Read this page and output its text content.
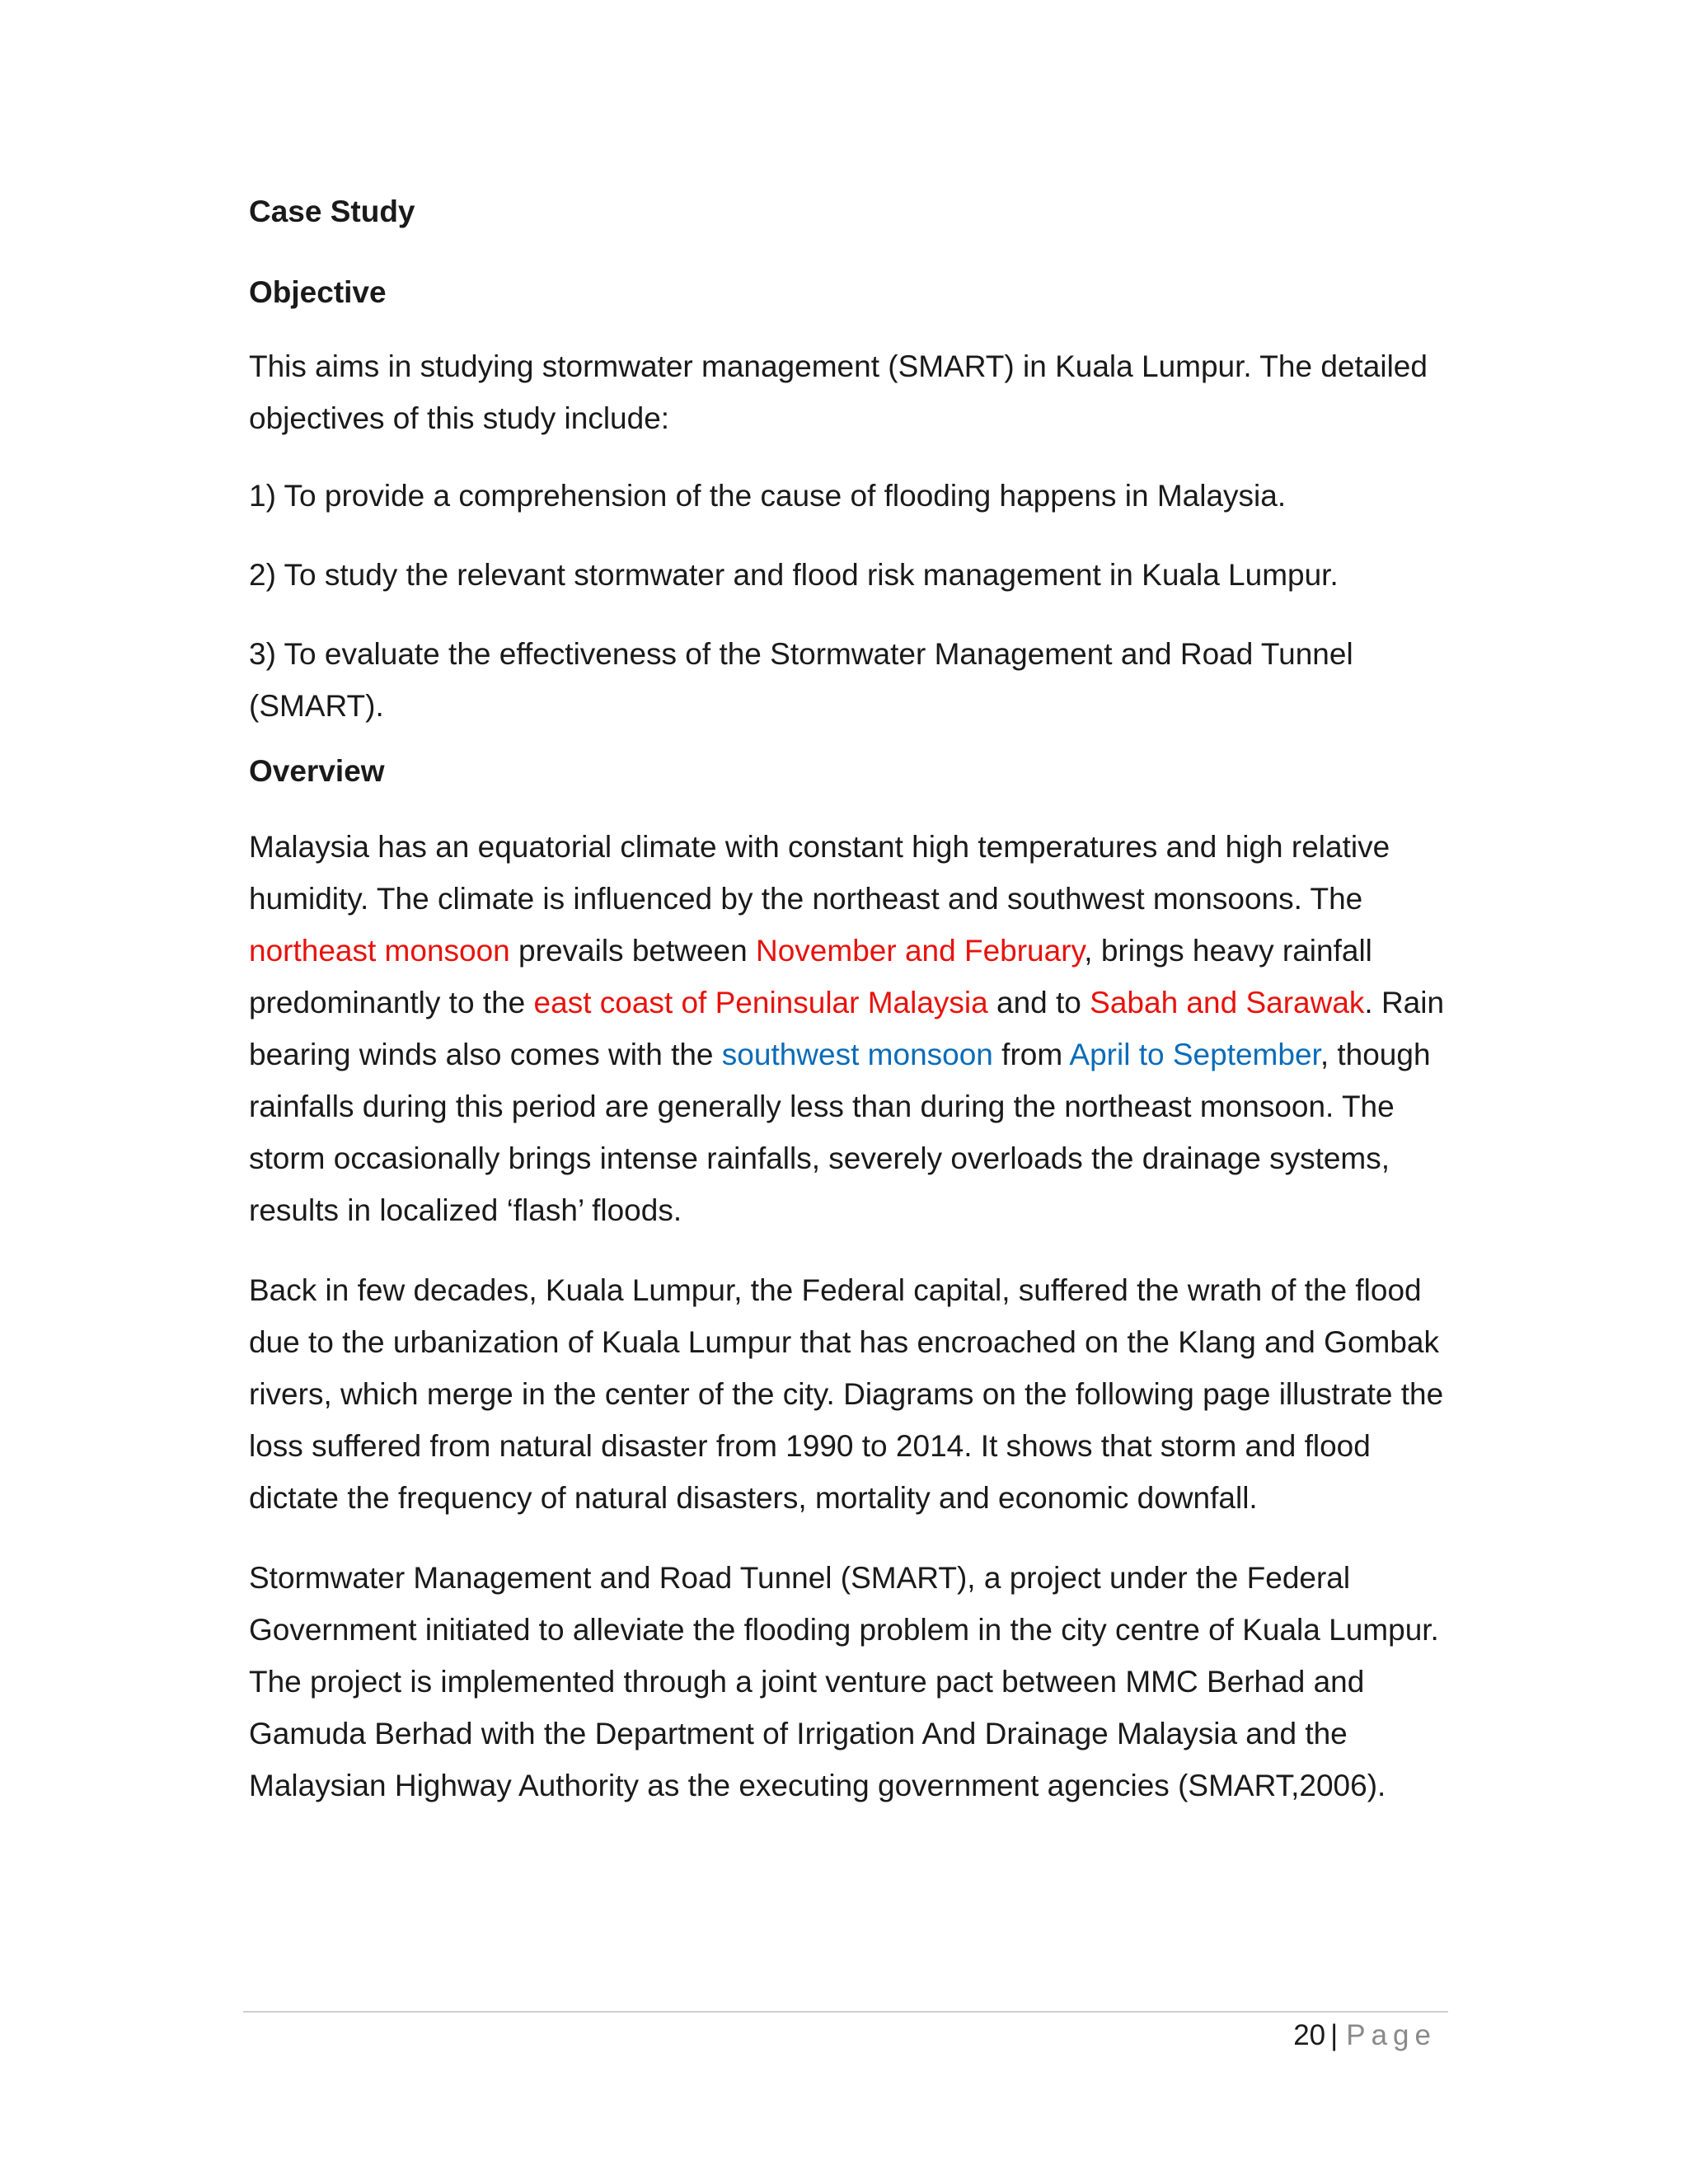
Case Study
Objective

This aims in studying stormwater management (SMART) in Kuala Lumpur. The detailed objectives of this study include:

1) To provide a comprehension of the cause of flooding happens in Malaysia.

2) To study the relevant stormwater and flood risk management in Kuala Lumpur.

3) To evaluate the effectiveness of the Stormwater Management and Road Tunnel (SMART).

Overview

Malaysia has an equatorial climate with constant high temperatures and high relative humidity. The climate is influenced by the northeast and southwest monsoons. The northeast monsoon prevails between November and February, brings heavy rainfall predominantly to the east coast of Peninsular Malaysia and to Sabah and Sarawak. Rain bearing winds also comes with the southwest monsoon from April to September, though rainfalls during this period are generally less than during the northeast monsoon. The storm occasionally brings intense rainfalls, severely overloads the drainage systems, results in localized ‘flash’ floods.

Back in few decades, Kuala Lumpur, the Federal capital, suffered the wrath of the flood due to the urbanization of Kuala Lumpur that has encroached on the Klang and Gombak rivers, which merge in the center of the city. Diagrams on the following page illustrate the loss suffered from natural disaster from 1990 to 2014. It shows that storm and flood dictate the frequency of natural disasters, mortality and economic downfall.

Stormwater Management and Road Tunnel (SMART), a project under the Federal Government initiated to alleviate the flooding problem in the city centre of Kuala Lumpur. The project is implemented through a joint venture pact between MMC Berhad and Gamuda Berhad with the Department of Irrigation And Drainage Malaysia and the Malaysian Highway Authority as the executing government agencies (SMART,2006).

20 | Page
